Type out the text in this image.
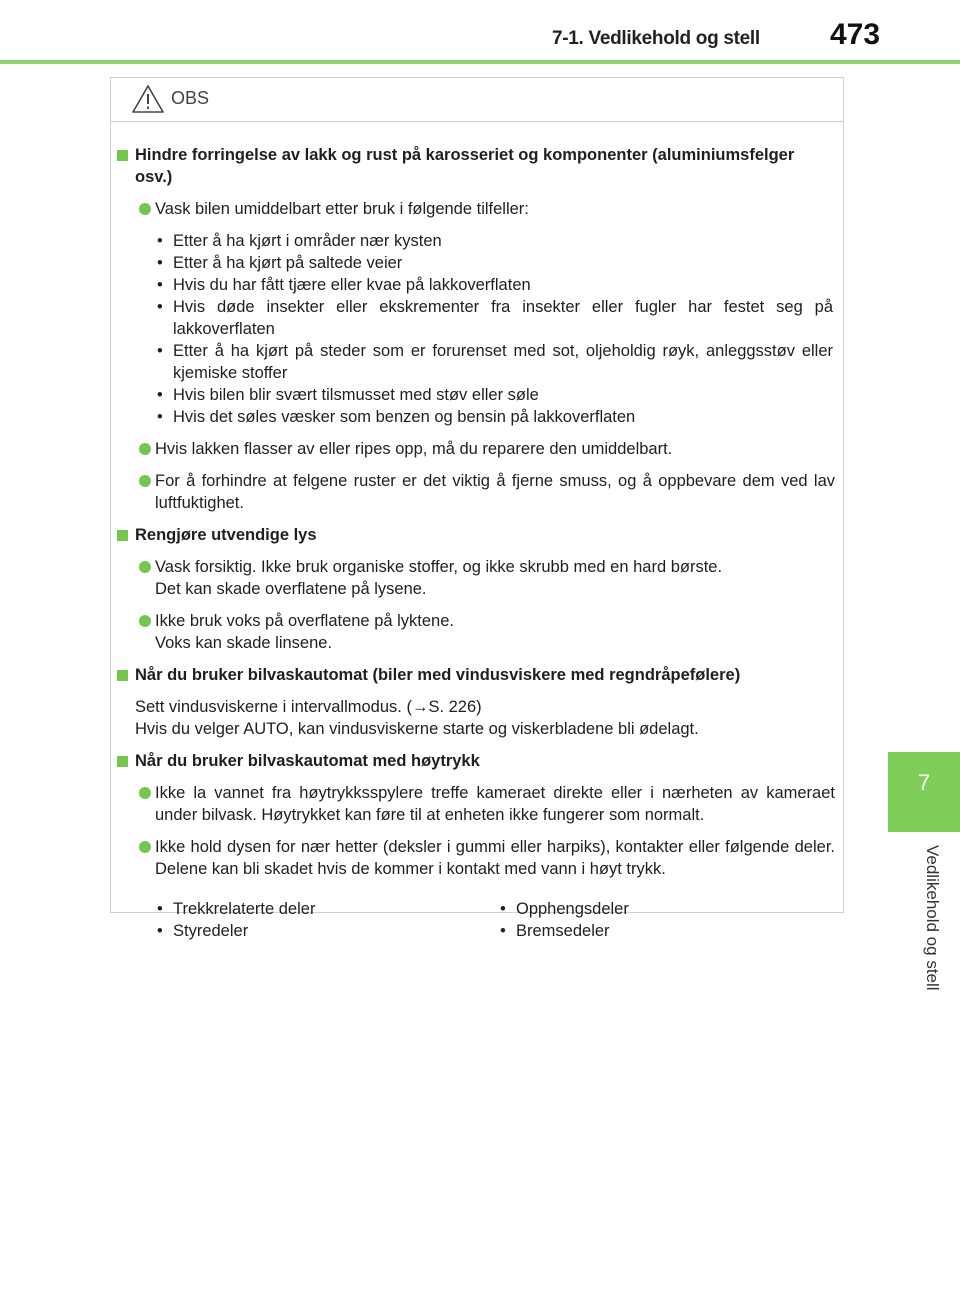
7-1. Vedlikehold og stell 473
7
Vedlikehold og stell
OBS
Hindre forringelse av lakk og rust på karosseriet og komponenter (aluminiumsfelger osv.)
Vask bilen umiddelbart etter bruk i følgende tilfeller:
• Etter å ha kjørt i områder nær kysten
• Etter å ha kjørt på saltede veier
• Hvis du har fått tjære eller kvae på lakkoverflaten
• Hvis døde insekter eller ekskrementer fra insekter eller fugler har festet seg på lakkoverflaten
• Etter å ha kjørt på steder som er forurenset med sot, oljeholdig røyk, anleggsstøv eller kjemiske stoffer
• Hvis bilen blir svært tilsmusset med støv eller søle
• Hvis det søles væsker som benzen og bensin på lakkoverflaten
Hvis lakken flasser av eller ripes opp, må du reparere den umiddelbart.
For å forhindre at felgene ruster er det viktig å fjerne smuss, og å oppbevare dem ved lav luftfuktighet.
Rengjøre utvendige lys
Vask forsiktig. Ikke bruk organiske stoffer, og ikke skrubb med en hard børste.
Det kan skade overflatene på lysene.
Ikke bruk voks på overflatene på lyktene.
Voks kan skade linsene.
Når du bruker bilvaskautomat (biler med vindusviskere med regndråpefølere)
Sett vindusviskerne i intervallmodus. (→S. 226)
Hvis du velger AUTO, kan vindusviskerne starte og viskerbladene bli ødelagt.
Når du bruker bilvaskautomat med høytrykk
Ikke la vannet fra høytrykksspylere treffe kameraet direkte eller i nærheten av kameraet under bilvask. Høytrykket kan føre til at enheten ikke fungerer som normalt.
Ikke hold dysen for nær hetter (deksler i gummi eller harpiks), kontakter eller følgende deler. Delene kan bli skadet hvis de kommer i kontakt med vann i høyt trykk.
• Trekkrelaterte deler
• Styredeler
• Opphengsdeler
• Bremsedeler
